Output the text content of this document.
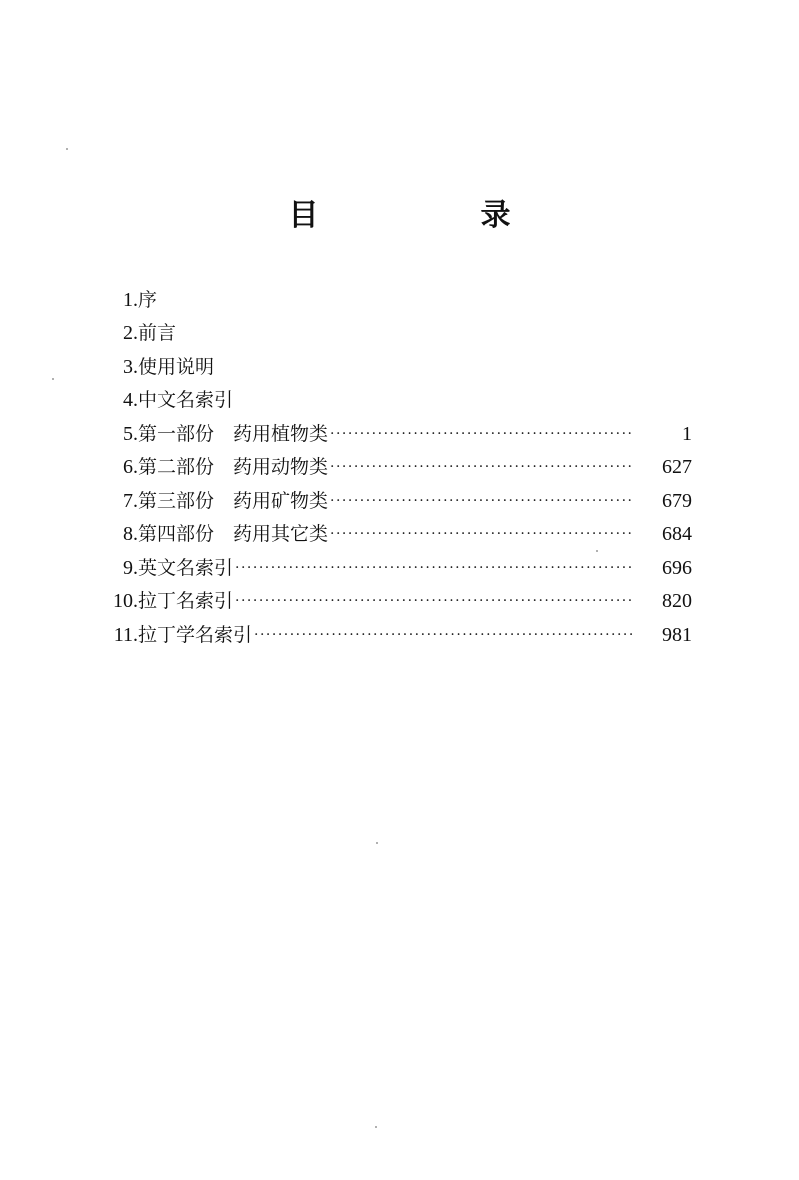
目　录
1. 序
2. 前言
3. 使用说明
4. 中文名索引
5. 第一部份　药用植物类 ·····	1
6. 第二部份　药用动物类 ·····	627
7. 第三部份　药用矿物类 ·····	679
8. 第四部份　药用其它类 ·····	684
9. 英文名索引 ·····	696
10. 拉丁名索引 ·····	820
11. 拉丁学名索引 ·····	981
